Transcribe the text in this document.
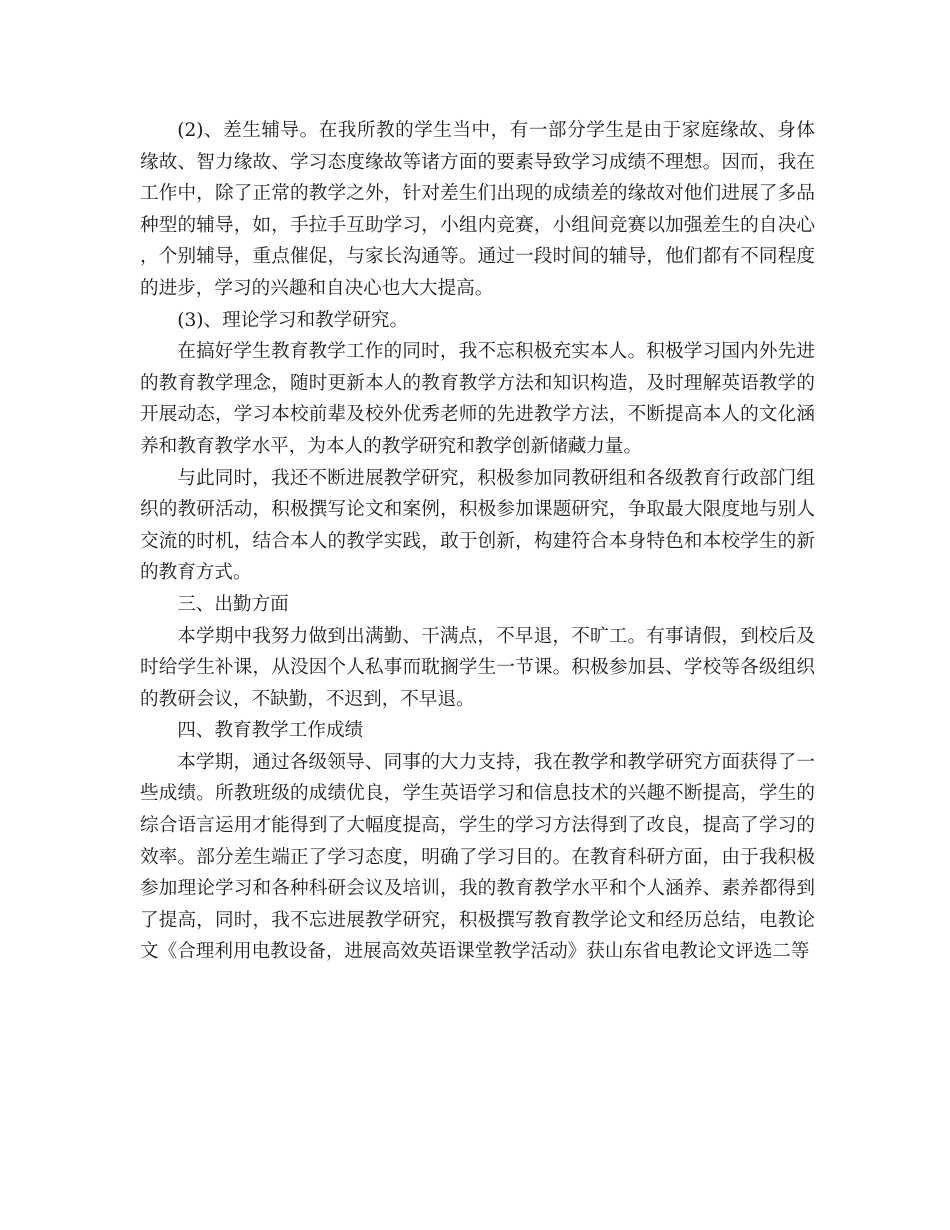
(2)、差生辅导。在我所教的学生当中，有一部分学生是由于家庭缘故、身体缘故、智力缘故、学习态度缘故等诸方面的要素导致学习成绩不理想。因而，我在工作中，除了正常的教学之外，针对差生们出现的成绩差的缘故对他们进展了多品种型的辅导，如，手拉手互助学习，小组内竞赛，小组间竞赛以加强差生的自决心，个别辅导，重点催促，与家长沟通等。通过一段时间的辅导，他们都有不同程度的进步，学习的兴趣和自决心也大大提高。

(3)、理论学习和教学研究。

在搞好学生教育教学工作的同时，我不忘积极充实本人。积极学习国内外先进的教育教学理念，随时更新本人的教育教学方法和知识构造，及时理解英语教学的开展动态，学习本校前辈及校外优秀老师的先进教学方法，不断提高本人的文化涵养和教育教学水平，为本人的教学研究和教学创新储藏力量。

与此同时，我还不断进展教学研究，积极参加同教研组和各级教育行政部门组织的教研活动，积极撰写论文和案例，积极参加课题研究，争取最大限度地与别人交流的时机，结合本人的教学实践，敢于创新，构建符合本身特色和本校学生的新的教育方式。

三、出勤方面

本学期中我努力做到出满勤、干满点，不早退，不旷工。有事请假，到校后及时给学生补课，从没因个人私事而耽搁学生一节课。积极参加县、学校等各级组织的教研会议，不缺勤，不迟到，不早退。

四、教育教学工作成绩

本学期，通过各级领导、同事的大力支持，我在教学和教学研究方面获得了一些成绩。所教班级的成绩优良，学生英语学习和信息技术的兴趣不断提高，学生的综合语言运用才能得到了大幅度提高，学生的学习方法得到了改良，提高了学习的效率。部分差生端正了学习态度，明确了学习目的。在教育科研方面，由于我积极参加理论学习和各种科研会议及培训，我的教育教学水平和个人涵养、素养都得到了提高，同时，我不忘进展教学研究，积极撰写教育教学论文和经历总结，电教论文《合理利用电教设备，进展高效英语课堂教学活动》获山东省电教论文评选二等
